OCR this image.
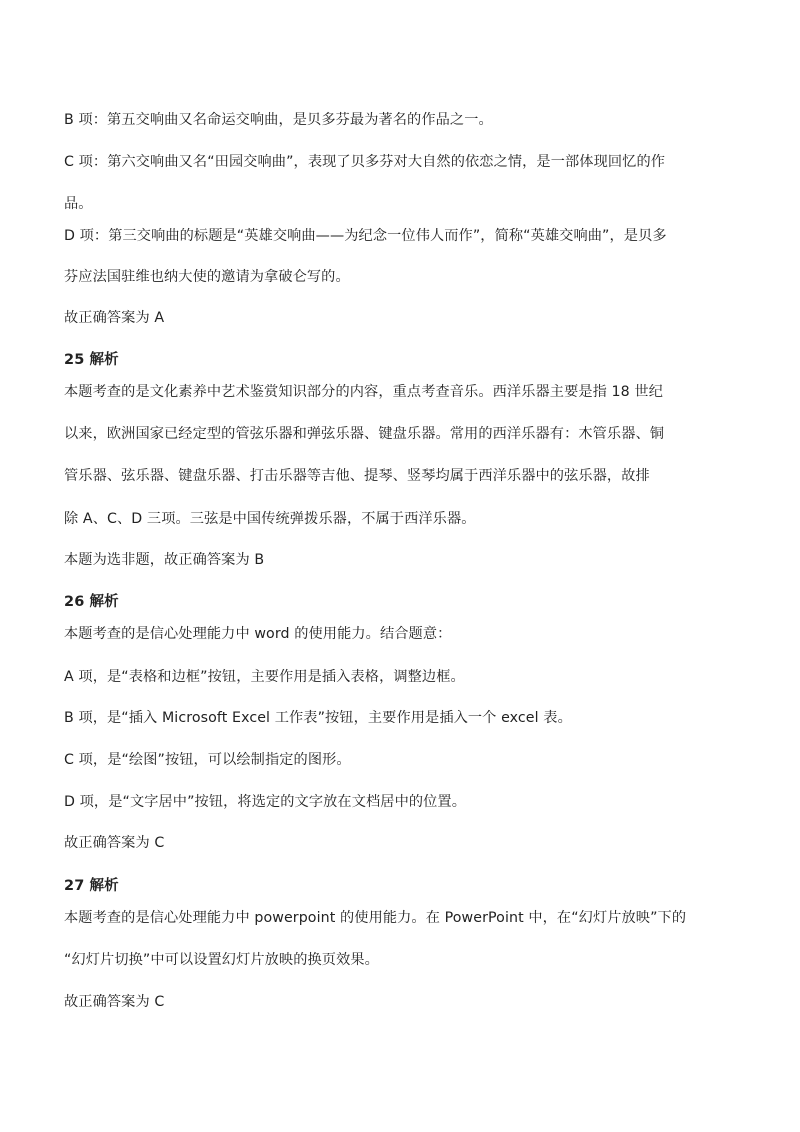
B 项：第五交响曲又名命运交响曲，是贝多芬最为著名的作品之一。
C 项：第六交响曲又名“田园交响曲”，表现了贝多芬对大自然的依恋之情，是一部体现回忆的作
品。
D 项：第三交响曲的标题是“英雄交响曲——为纪念一位伟人而作”，简称“英雄交响曲”，是贝多
芬应法国驻维也纳大使的邀请为拿破仑写的。
故正确答案为 A
25 解析
本题考查的是文化素养中艺术鉴赏知识部分的内容，重点考查音乐。西洋乐器主要是指 18 世纪
以来，欧洲国家已经定型的管弦乐器和弹弦乐器、键盘乐器。常用的西洋乐器有：木管乐器、铜
管乐器、弦乐器、键盘乐器、打击乐器等吉他、提琴、竖琴均属于西洋乐器中的弦乐器，故排
除 A、C、D 三项。三弦是中国传统弹拨乐器，不属于西洋乐器。
本题为选非题，故正确答案为 B
26 解析
本题考查的是信心处理能力中 word 的使用能力。结合题意：
A 项，是“表格和边框”按钮，主要作用是插入表格，调整边框。
B 项，是“插入 Microsoft Excel 工作表”按钮，主要作用是插入一个 excel 表。
C 项，是“绘图”按钮，可以绘制指定的图形。
D 项，是“文字居中”按钮，将选定的文字放在文档居中的位置。
故正确答案为 C
27 解析
本题考查的是信心处理能力中 powerpoint 的使用能力。在 PowerPoint 中，在“幻灯片放映”下的
“幻灯片切换”中可以设置幻灯片放映的换页效果。
故正确答案为 C
